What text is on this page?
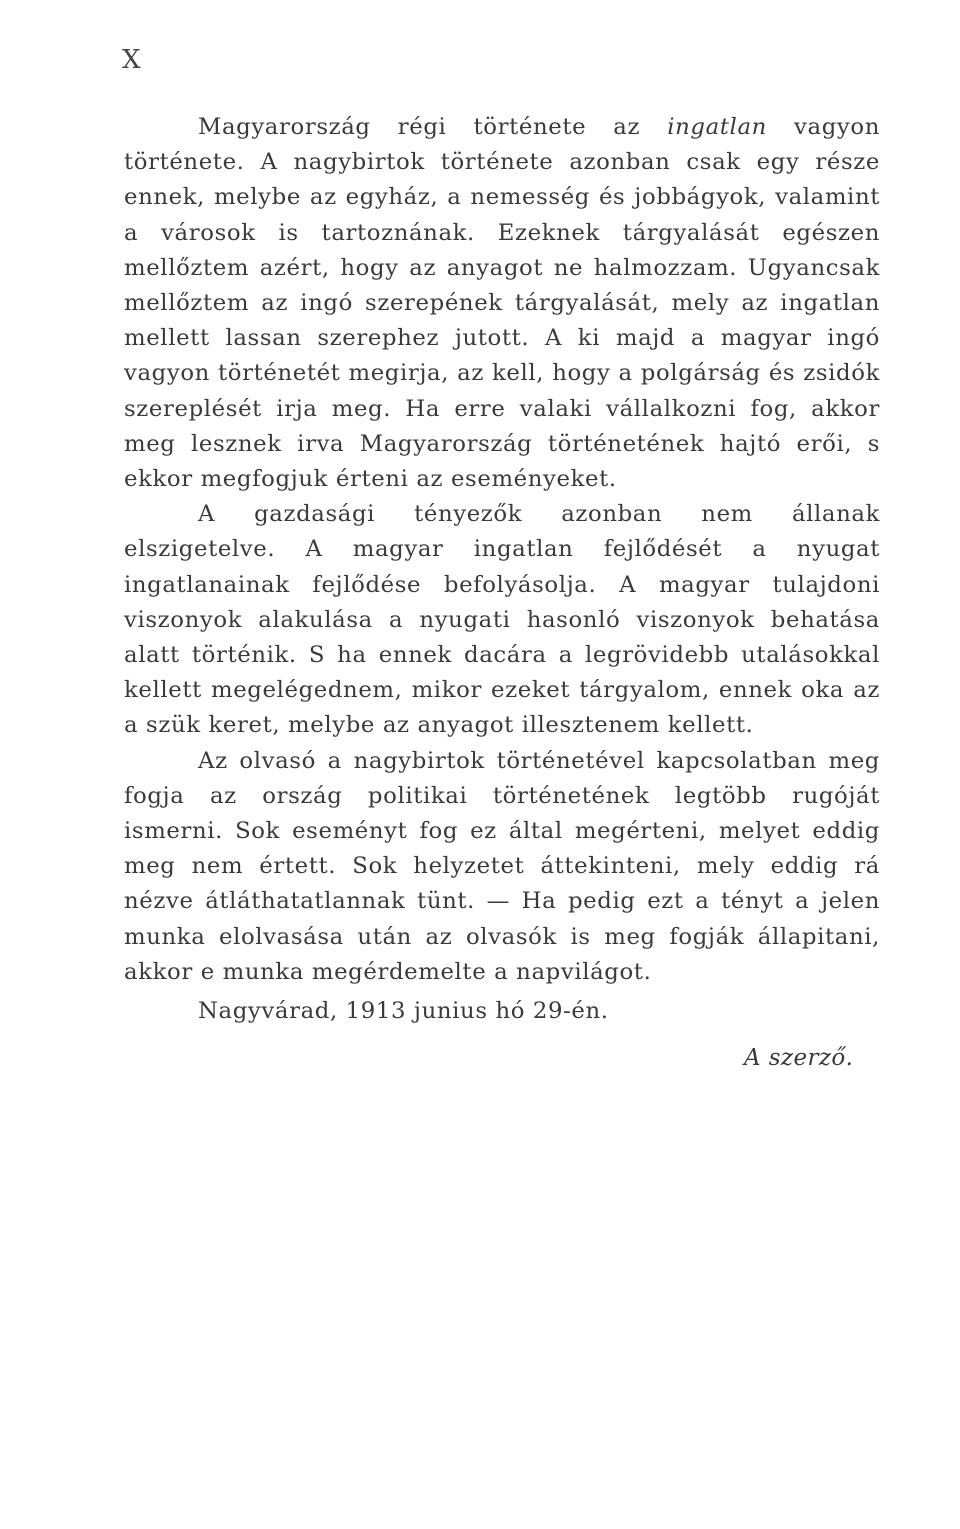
X

Magyarország régi története az ingatlan vagyon története. A nagybirtok története azonban csak egy része ennek, melybe az egyház, a nemesség és jobbágyok, valamint a városok is tartoznának. Ezeknek tárgyalását egészen mellőztem azért, hogy az anyagot ne halmozzam. Ugyancsak mellőztem az ingó szerepének tárgyalását, mely az ingatlan mellett lassan szerephez jutott. A ki majd a magyar ingó vagyon történetét megirja, az kell, hogy a polgárság és zsidók szereplését irja meg. Ha erre valaki vállalkozni fog, akkor meg lesznek irva Magyarország történetének hajtó erői, s ekkor megfogjuk érteni az eseményeket.

A gazdasági tényezők azonban nem állanak elszigetelve. A magyar ingatlan fejlődését a nyugat ingatlanainak fejlődése befolyásolja. A magyar tulajdoni viszonyok alakulása a nyugati hasonló viszonyok behatása alatt történik. S ha ennek dacára a legrövidebb utalásokkal kellett megelégednem, mikor ezeket tárgyalom, ennek oka az a szük keret, melybe az anyagot illesztenem kellett.

Az olvasó a nagybirtok történetével kapcsolatban meg fogja az ország politikai történetének legtöbb rugóját ismerni. Sok eseményt fog ez által megérteni, melyet eddig meg nem értett. Sok helyzetet áttekinteni, mely eddig rá nézve átláthatatlannak tünt. — Ha pedig ezt a tényt a jelen munka elolvasása után az olvasók is meg fogják állapitani, akkor e munka megérdemelte a napvilágot.

Nagyvárad, 1913 junius hó 29-én.
A szerző.
